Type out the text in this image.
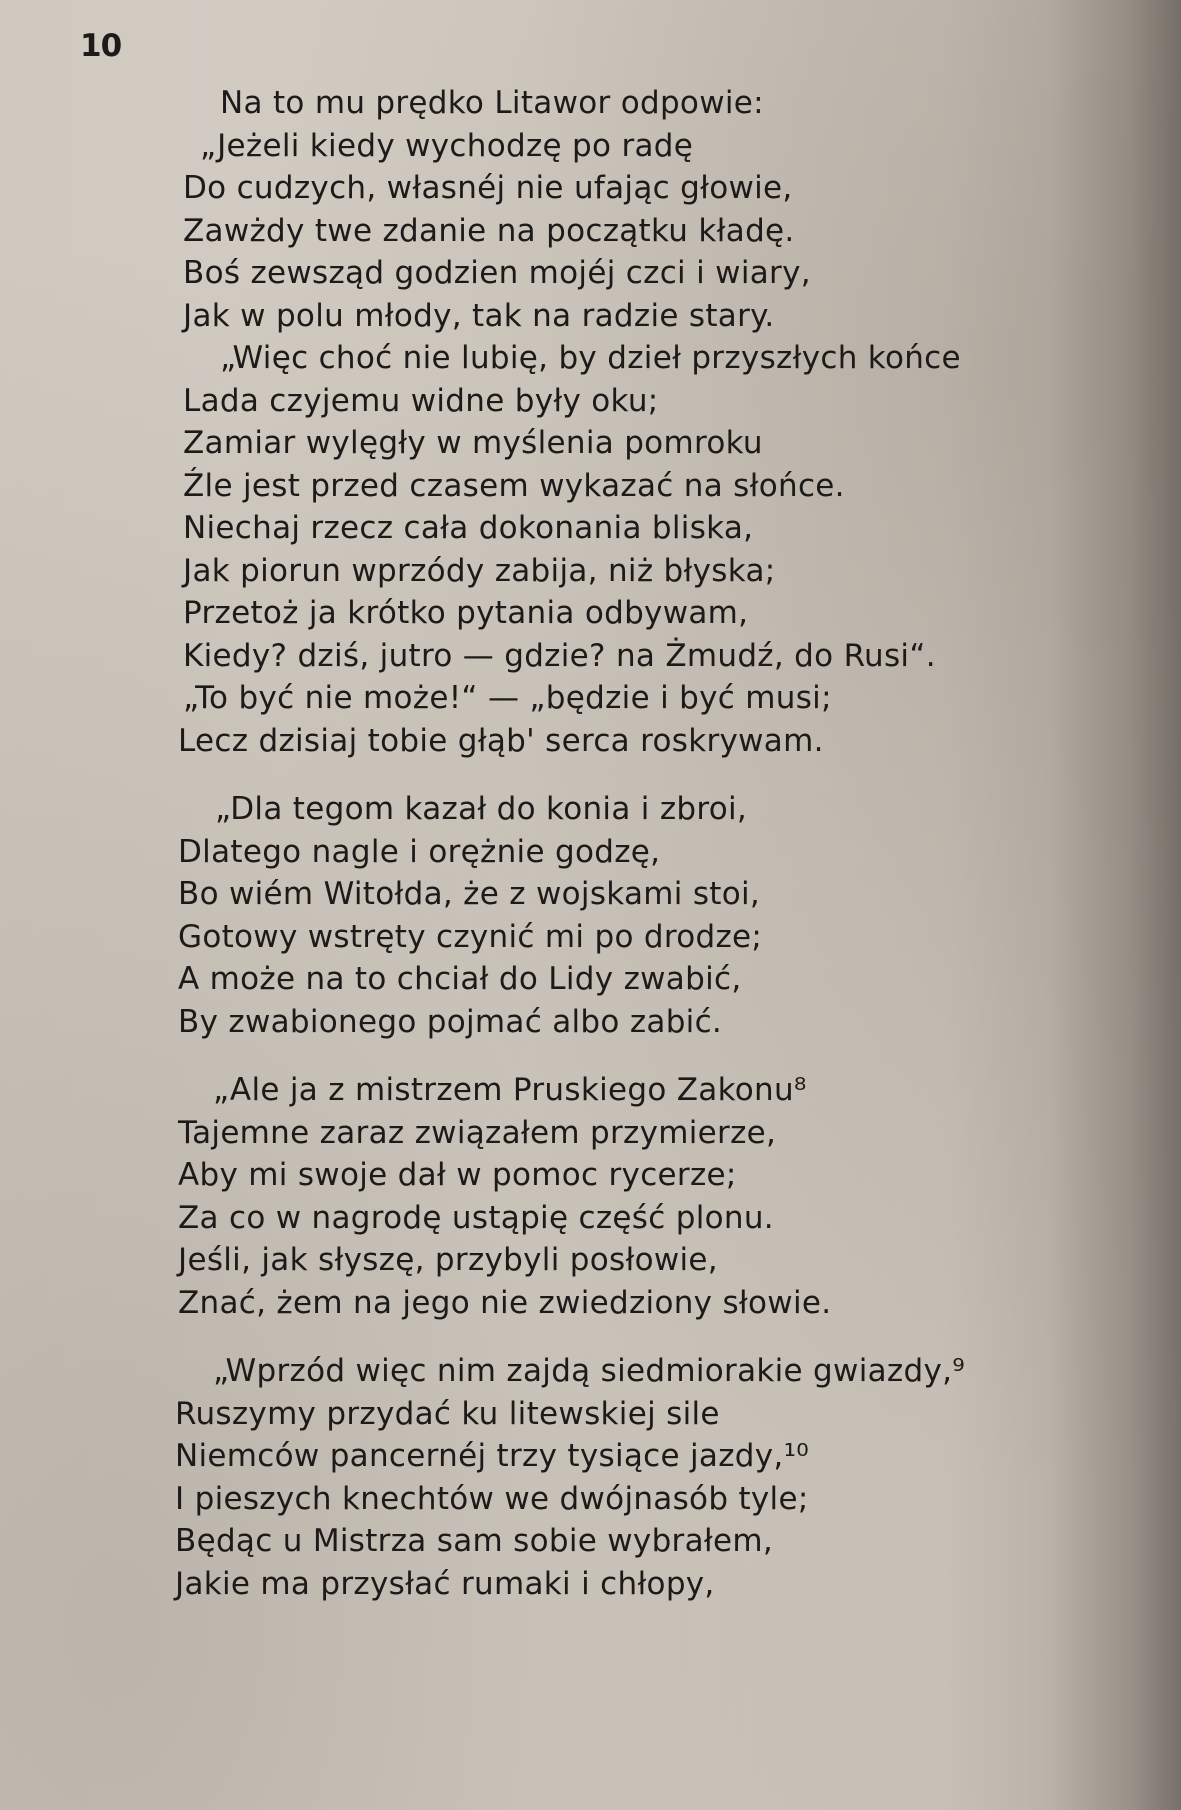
10
Na to mu prędko Litawor odpowie:
„Jeżeli kiedy wychodzę po radę
Do cudzych, własnéj nie ufając głowie,
Zawżdy twe zdanie na początku kładę.
Boś zewsząd godzien mojéj czci i wiary,
Jak w polu młody, tak na radzie stary.
„Więc choć nie lubię, by dzieł przyszłych końce
Lada czyjemu widne były oku;
Zamiar wylęgły w myślenia pomroku
Źle jest przed czasem wykazać na słońce.
Niechaj rzecz cała dokonania bliska,
Jak piorun wprzódy zabija, niż błyska;
Przetoż ja krótko pytania odbywam,
Kiedy? dziś, jutro — gdzie? na Żmudź, do Rusi“.
„To być nie może!“ — „będzie i być musi;
Lecz dzisiaj tobie głąb' serca roskrywam.
„Dla tegom kazał do konia i zbroi,
Dlatego nagle i orężnie godzę,
Bo wiém Witołda, że z wojskami stoi,
Gotowy wstręty czynić mi po drodze;
A może na to chciał do Lidy zwabić,
By zwabionego pojmać albo zabić.
„Ale ja z mistrzem Pruskiego Zakonu⁸
Tajemne zaraz związałem przymierze,
Aby mi swoje dał w pomoc rycerze;
Za co w nagrodę ustąpię część plonu.
Jeśli, jak słyszę, przybyli posłowie,
Znać, żem na jego nie zwiedziony słowie.
„Wprzód więc nim zajdą siedmiorakie gwiazdy,⁹
Ruszymy przydać ku litewskiej sile
Niemców pancernéj trzy tysiące jazdy,¹⁰
I pieszych knechtów we dwójnasób tyle;
Będąc u Mistrza sam sobie wybrałem,
Jakie ma przysłać rumaki i chłopy,
